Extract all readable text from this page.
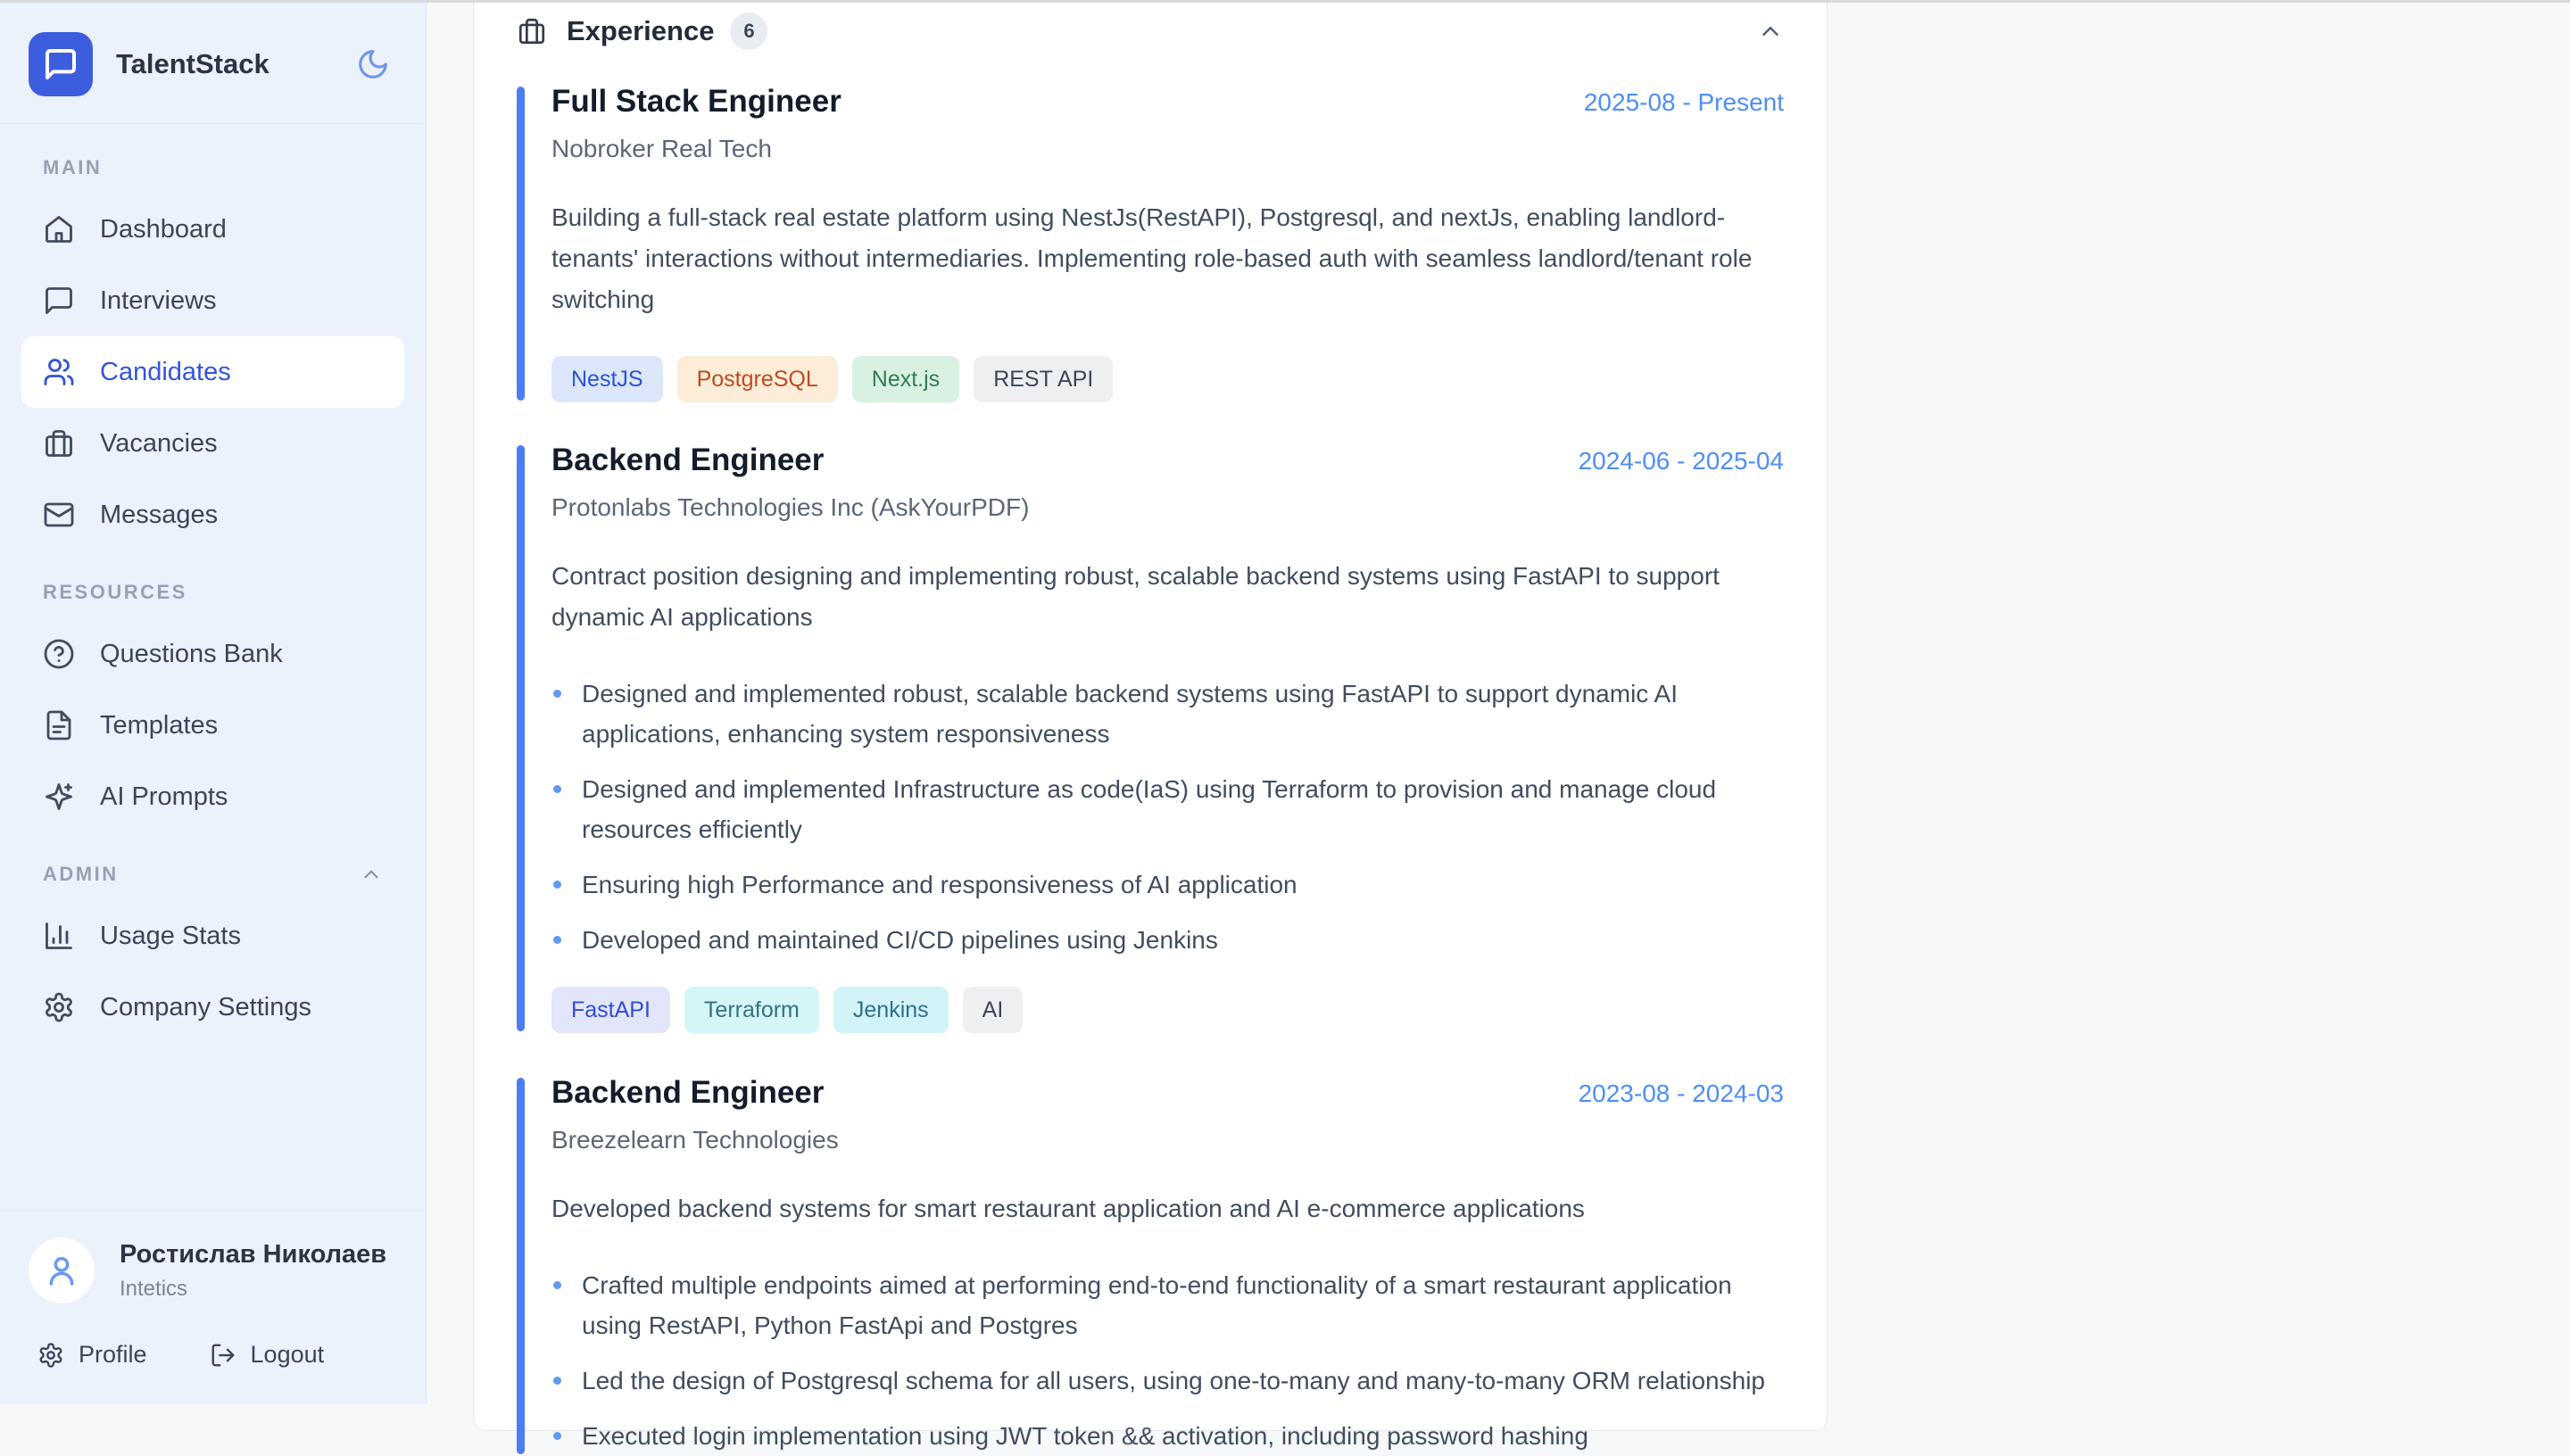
TalentStack
MAIN
Dashboard
Interviews
Candidates
Vacancies
Messages
RESOURCES
Questions Bank
Templates
AI Prompts
ADMIN
Usage Stats
Company Settings
Ростислав Николаев
Intetics
Profile	Logout
Experience	6
Full Stack Engineer	2025-08 - Present
Nobroker Real Tech

Building a full-stack real estate platform using NestJs(RestAPI), Postgresql, and nextJs, enabling landlord-tenants' interactions without intermediaries. Implementing role-based auth with seamless landlord/tenant role switching

NestJS	PostgreSQL	Next.js	REST API
Backend Engineer	2024-06 - 2025-04
Protonlabs Technologies Inc (AskYourPDF)

Contract position designing and implementing robust, scalable backend systems using FastAPI to support dynamic AI applications

Designed and implemented robust, scalable backend systems using FastAPI to support dynamic AI applications, enhancing system responsiveness
Designed and implemented Infrastructure as code(IaS) using Terraform to provision and manage cloud resources efficiently
Ensuring high Performance and responsiveness of AI application
Developed and maintained CI/CD pipelines using Jenkins
FastAPI	Terraform	Jenkins	AI
Backend Engineer	2023-08 - 2024-03
Breezelearn Technologies

Developed backend systems for smart restaurant application and AI e-commerce applications

Crafted multiple endpoints aimed at performing end-to-end functionality of a smart restaurant application using RestAPI, Python FastApi and Postgres
Led the design of Postgresql schema for all users, using one-to-many and many-to-many ORM relationship
Executed login implementation using JWT token && activation, including password hashing
